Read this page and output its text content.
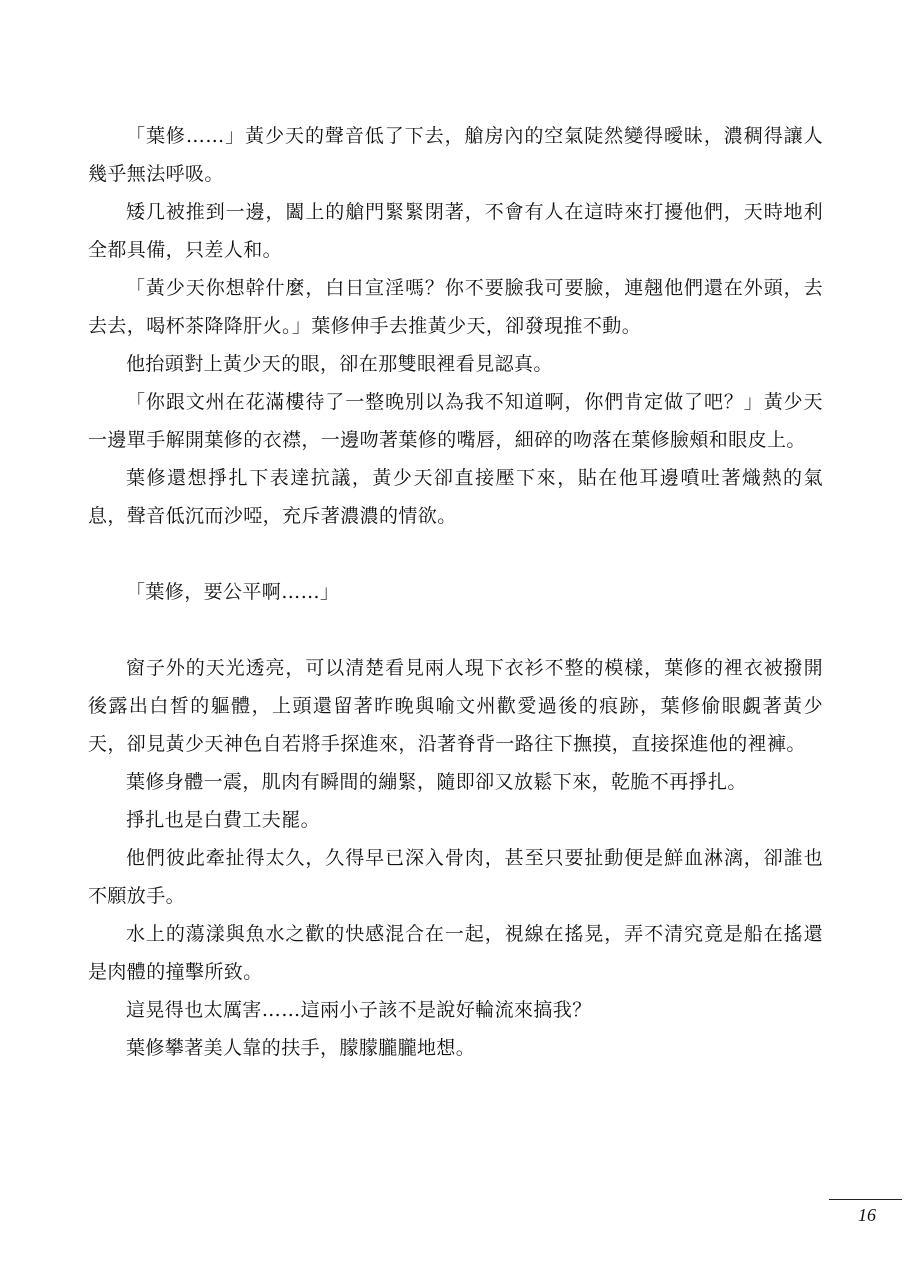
「葉修……」黃少天的聲音低了下去，艙房內的空氣陡然變得曖昧，濃稠得讓人幾乎無法呼吸。

矮几被推到一邊，闔上的艙門緊緊閉著，不會有人在這時來打擾他們，天時地利全都具備，只差人和。

「黃少天你想幹什麼，白日宣淫嗎？你不要臉我可要臉，連翹他們還在外頭，去去去，喝杯茶降降肝火。」葉修伸手去推黃少天，卻發現推不動。

他抬頭對上黃少天的眼，卻在那雙眼裡看見認真。

「你跟文州在花滿樓待了一整晚別以為我不知道啊，你們肯定做了吧？」黃少天一邊單手解開葉修的衣襟，一邊吻著葉修的嘴唇，細碎的吻落在葉修臉頰和眼皮上。

葉修還想掙扎下表達抗議，黃少天卻直接壓下來，貼在他耳邊噴吐著熾熱的氣息，聲音低沉而沙啞，充斥著濃濃的情欲。

「葉修，要公平啊……」

窗子外的天光透亮，可以清楚看見兩人現下衣衫不整的模樣，葉修的裡衣被撥開後露出白皙的軀體，上頭還留著昨晚與喻文州歡愛過後的痕跡，葉修偷眼覷著黃少天，卻見黃少天神色自若將手探進來，沿著脊背一路往下撫摸，直接探進他的裡褲。

葉修身體一震，肌肉有瞬間的繃緊，隨即卻又放鬆下來，乾脆不再掙扎。

掙扎也是白費工夫罷。

他們彼此牽扯得太久，久得早已深入骨肉，甚至只要扯動便是鮮血淋漓，卻誰也不願放手。

水上的蕩漾與魚水之歡的快感混合在一起，視線在搖晃，弄不清究竟是船在搖還是肉體的撞擊所致。

這晃得也太厲害……這兩小子該不是說好輪流來搞我？

葉修攀著美人靠的扶手，朦朦朧朧地想。

16
